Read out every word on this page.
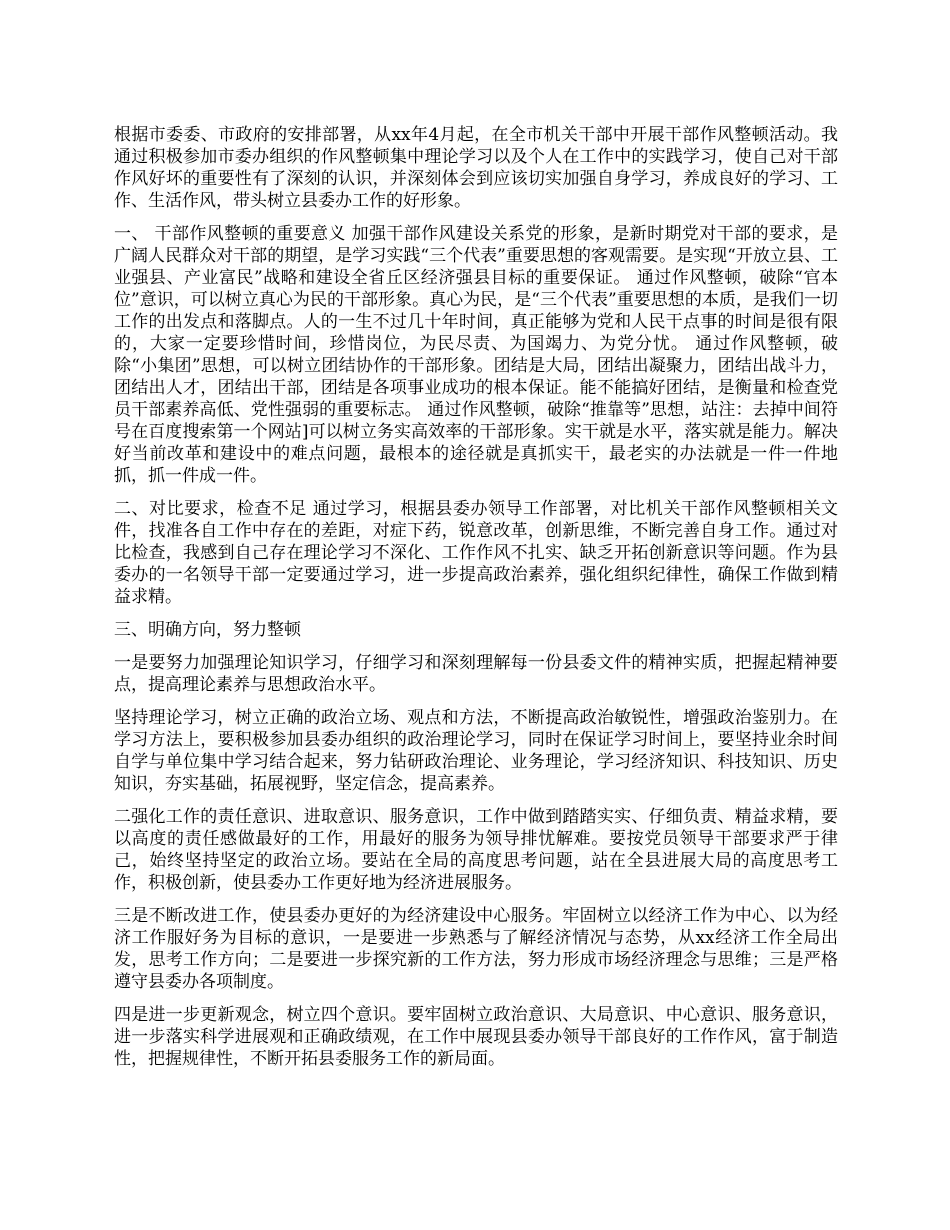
根据市委委、市政府的安排部署，从xx年4月起，在全市机关干部中开展干部作风整顿活动。我通过积极参加市委办组织的作风整顿集中理论学习以及个人在工作中的实践学习，使自己对干部作风好坏的重要性有了深刻的认识，并深刻体会到应该切实加强自身学习，养成良好的学习、工作、生活作风，带头树立县委办工作的好形象。

一、 干部作风整顿的重要意义 加强干部作风建设关系党的形象，是新时期党对干部的要求，是广阔人民群众对干部的期望，是学习实践“三个代表”重要思想的客观需要。是实现“开放立县、工业强县、产业富民”战略和建设全省丘区经济强县目标的重要保证。 通过作风整顿，破除“官本位”意识，可以树立真心为民的干部形象。真心为民，是“三个代表”重要思想的本质，是我们一切工作的出发点和落脚点。人的一生不过几十年时间，真正能够为党和人民干点事的时间是很有限的，大家一定要珍惜时间，珍惜岗位，为民尽责、为国竭力、为党分忧。 通过作风整顿，破除“小集团”思想，可以树立团结协作的干部形象。团结是大局，团结出凝聚力，团结出战斗力，团结出人才，团结出干部，团结是各项事业成功的根本保证。能不能搞好团结，是衡量和检查党员干部素养高低、党性强弱的重要标志。 通过作风整顿，破除“推靠等”思想，站注：去掉中间符号在百度搜索第一个网站]可以树立务实高效率的干部形象。实干就是水平，落实就是能力。解决好当前改革和建设中的难点问题，最根本的途径就是真抓实干，最老实的办法就是一件一件地抓，抓一件成一件。

二、对比要求，检查不足 通过学习，根据县委办领导工作部署，对比机关干部作风整顿相关文件，找准各自工作中存在的差距，对症下药，锐意改革，创新思维，不断完善自身工作。通过对比检查，我感到自己存在理论学习不深化、工作作风不扎实、缺乏开拓创新意识等问题。作为县委办的一名领导干部一定要通过学习，进一步提高政治素养，强化组织纪律性，确保工作做到精益求精。

三、明确方向，努力整顿

一是要努力加强理论知识学习，仔细学习和深刻理解每一份县委文件的精神实质，把握起精神要点，提高理论素养与思想政治水平。

坚持理论学习，树立正确的政治立场、观点和方法，不断提高政治敏锐性，增强政治鉴别力。在学习方法上，要积极参加县委办组织的政治理论学习，同时在保证学习时间上，要坚持业余时间自学与单位集中学习结合起来，努力钻研政治理论、业务理论，学习经济知识、科技知识、历史知识，夯实基础，拓展视野，坚定信念，提高素养。

二强化工作的责任意识、进取意识、服务意识，工作中做到踏踏实实、仔细负责、精益求精，要以高度的责任感做最好的工作，用最好的服务为领导排忧解难。要按党员领导干部要求严于律己，始终坚持坚定的政治立场。要站在全局的高度思考问题，站在全县进展大局的高度思考工作，积极创新，使县委办工作更好地为经济进展服务。

三是不断改进工作，使县委办更好的为经济建设中心服务。牢固树立以经济工作为中心、以为经济工作服好务为目标的意识，一是要进一步熟悉与了解经济情况与态势，从xx经济工作全局出发，思考工作方向；二是要进一步探究新的工作方法，努力形成市场经济理念与思维；三是严格遵守县委办各项制度。

四是进一步更新观念，树立四个意识。要牢固树立政治意识、大局意识、中心意识、服务意识，进一步落实科学进展观和正确政绩观，在工作中展现县委办领导干部良好的工作作风，富于制造性，把握规律性，不断开拓县委服务工作的新局面。
